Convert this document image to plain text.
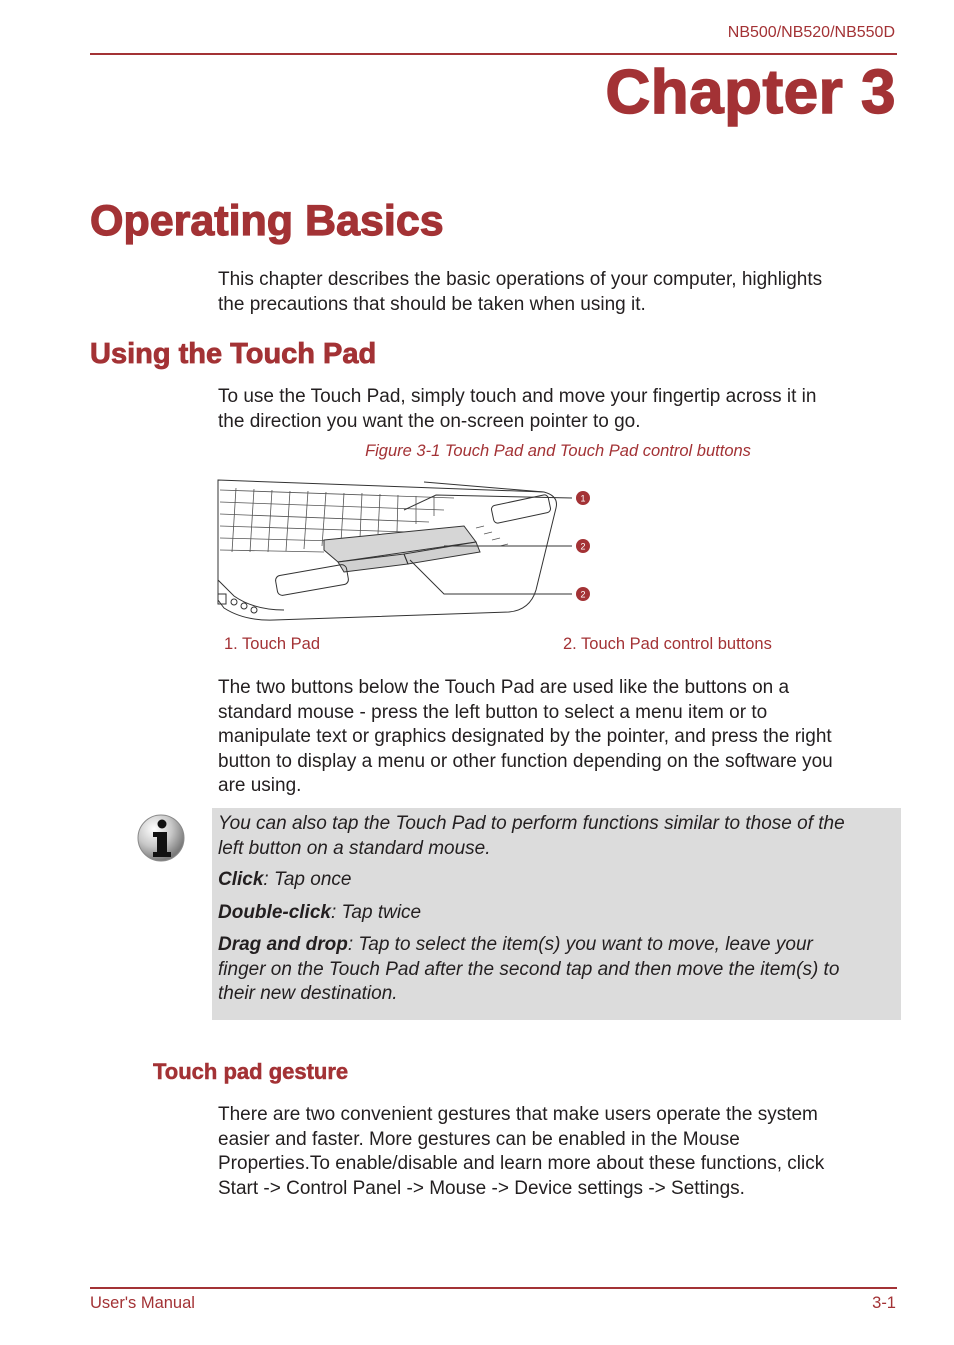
NB500/NB520/NB550D
Chapter 3
Operating Basics
This chapter describes the basic operations of your computer, highlights
the precautions that should be taken when using it.
Using the Touch Pad
To use the Touch Pad, simply touch and move your fingertip across it in
the direction you want the on-screen pointer to go.
Figure 3-1 Touch Pad and Touch Pad control buttons
1
2
2
1. Touch Pad	2. Touch Pad control buttons
The two buttons below the Touch Pad are used like the buttons on a
standard mouse - press the left button to select a menu item or to
manipulate text or graphics designated by the pointer, and press the right
button to display a menu or other function depending on the software you
are using.
You can also tap the Touch Pad to perform functions similar to those of the
left button on a standard mouse.
Click: Tap once
Double-click: Tap twice
Drag and drop: Tap to select the item(s) you want to move, leave your
finger on the Touch Pad after the second tap and then move the item(s) to
their new destination.
Touch pad gesture
There are two convenient gestures that make users operate the system
easier and faster. More gestures can be enabled in the Mouse
Properties.To enable/disable and learn more about these functions, click
Start -> Control Panel -> Mouse -> Device settings -> Settings.
User's Manual	3-1
